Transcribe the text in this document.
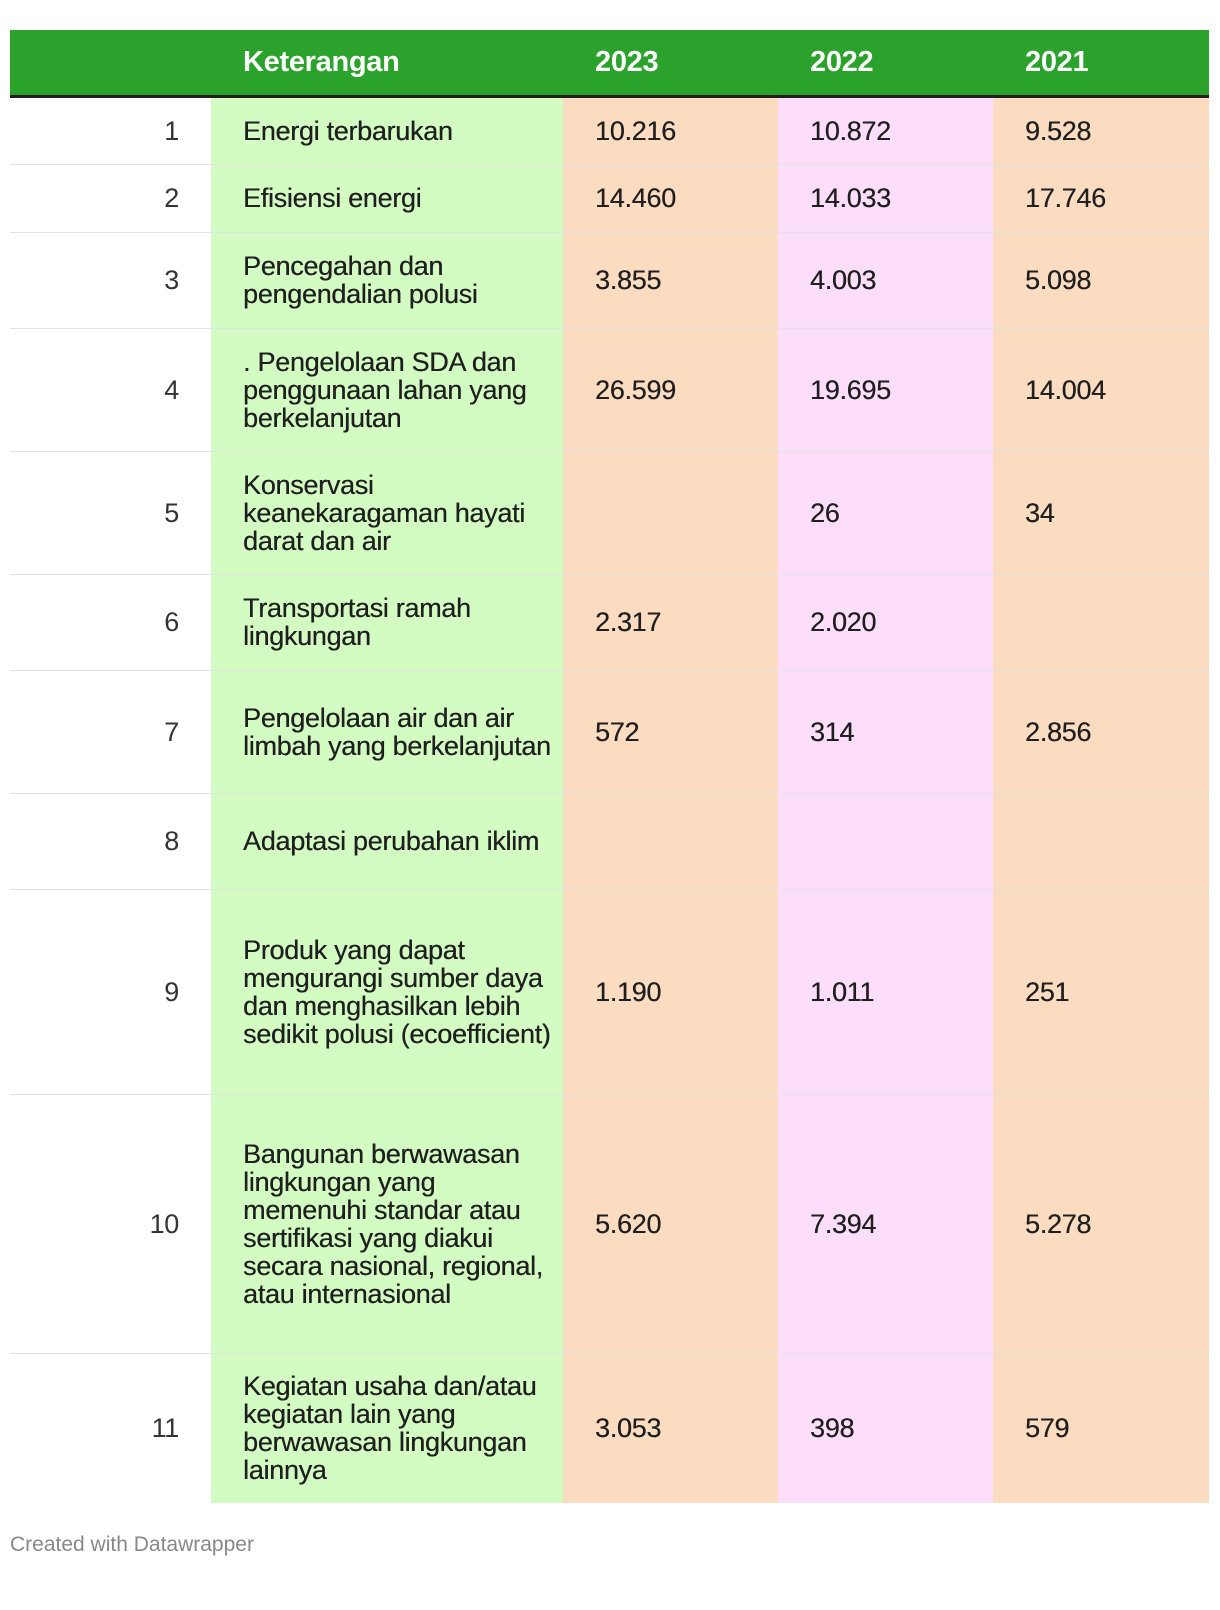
	Keterangan	2023	2022	2021
1	Energi terbarukan	10.216	10.872	9.528
2	Efisiensi energi	14.460	14.033	17.746
3	Pencegahan dan pengendalian polusi	3.855	4.003	5.098
4	. Pengelolaan SDA dan penggunaan lahan yang berkelanjutan	26.599	19.695	14.004
5	Konservasi keanekaragaman hayati darat dan air		26	34
6	Transportasi ramah lingkungan	2.317	2.020	
7	Pengelolaan air dan air limbah yang berkelanjutan	572	314	2.856
8	Adaptasi perubahan iklim			
9	Produk yang dapat mengurangi sumber daya dan menghasilkan lebih sedikit polusi (ecoefficient)	1.190	1.011	251
10	Bangunan berwawasan lingkungan yang memenuhi standar atau sertifikasi yang diakui secara nasional, regional, atau internasional	5.620	7.394	5.278
11	Kegiatan usaha dan/atau kegiatan lain yang berwawasan lingkungan lainnya	3.053	398	579
Created with Datawrapper
